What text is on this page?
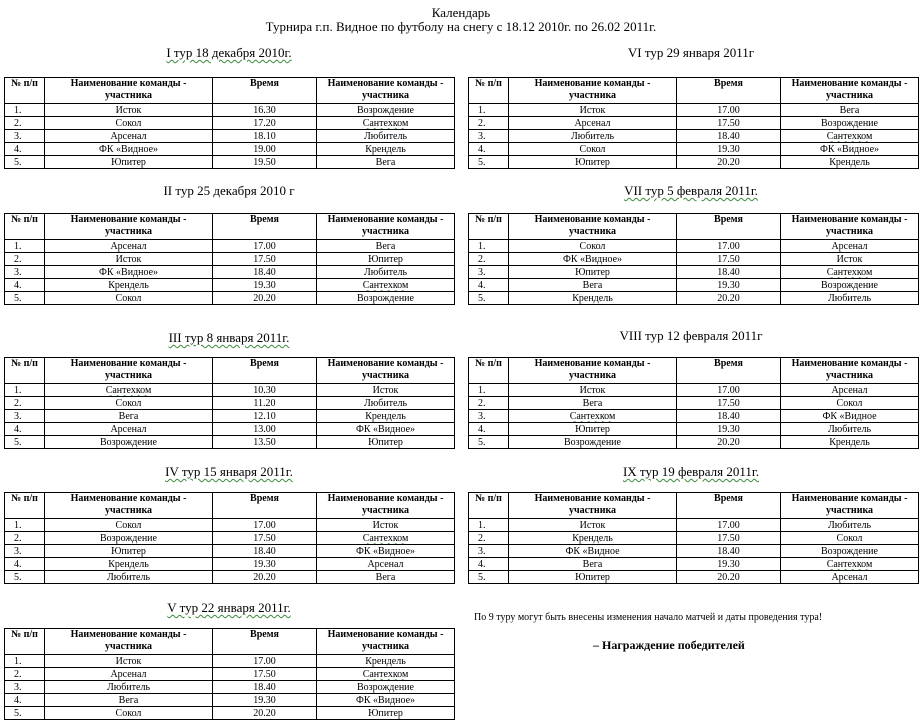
Календарь
Турнира г.п. Видное по футболу на снегу с 18.12 2010г. по 26.02 2011г.
I тур 18 декабря 2010г.
№ п/п	Наименование команды - участника	Время	Наименование команды - участника
1.	Исток	16.30	Возрождение
2.	Сокол	17.20	Сантехком
3.	Арсенал	18.10	Любитель
4.	ФК «Видное»	19.00	Крендель
5.	Юпитер	19.50	Вега
II тур 25 декабря 2010 г
№ п/п	Наименование команды - участника	Время	Наименование команды - участника
1.	Арсенал	17.00	Вега
2.	Исток	17.50	Юпитер
3.	ФК «Видное»	18.40	Любитель
4.	Крендель	19.30	Сантехком
5.	Сокол	20.20	Возрождение
III тур 8 января 2011г.
№ п/п	Наименование команды - участника	Время	Наименование команды - участника
1.	Сантехком	10.30	Исток
2.	Сокол	11.20	Любитель
3.	Вега	12.10	Крендель
4.	Арсенал	13.00	ФК «Видное»
5.	Возрождение	13.50	Юпитер
IV тур 15 января 2011г.
№ п/п	Наименование команды - участника	Время	Наименование команды - участника
1.	Сокол	17.00	Исток
2.	Возрождение	17.50	Сантехком
3.	Юпитер	18.40	ФК «Видное»
4.	Крендель	19.30	Арсенал
5.	Любитель	20.20	Вега
V тур 22 января 2011г.
№ п/п	Наименование команды - участника	Время	Наименование команды - участника
1.	Исток	17.00	Крендель
2.	Арсенал	17.50	Сантехком
3.	Любитель	18.40	Возрождение
4.	Вега	19.30	ФК «Видное»
5.	Сокол	20.20	Юпитер
VI тур 29 января 2011г
№ п/п	Наименование команды - участника	Время	Наименование команды - участника
1.	Исток	17.00	Вега
2.	Арсенал	17.50	Возрождение
3.	Любитель	18.40	Сантехком
4.	Сокол	19.30	ФК «Видное»
5.	Юпитер	20.20	Крендель
VII тур 5 февраля 2011г.
№ п/п	Наименование команды - участника	Время	Наименование команды - участника
1.	Сокол	17.00	Арсенал
2.	ФК «Видное»	17.50	Исток
3.	Юпитер	18.40	Сантехком
4.	Вега	19.30	Возрождение
5.	Крендель	20.20	Любитель
VIII тур 12 февраля 2011г
№ п/п	Наименование команды - участника	Время	Наименование команды - участника
1.	Исток	17.00	Арсенал
2.	Вега	17.50	Сокол
3.	Сантехком	18.40	ФК «Видное
4.	Юпитер	19.30	Любитель
5.	Возрождение	20.20	Крендель
IX тур 19 февраля 2011г.
№ п/п	Наименование команды - участника	Время	Наименование команды - участника
1.	Исток	17.00	Любитель
2.	Крендель	17.50	Сокол
3.	ФК «Видное	18.40	Возрождение
4.	Вега	19.30	Сантехком
5.	Юпитер	20.20	Арсенал
По 9 туру могут быть внесены изменения начало матчей и даты проведения тура!
– Награждение победителей
